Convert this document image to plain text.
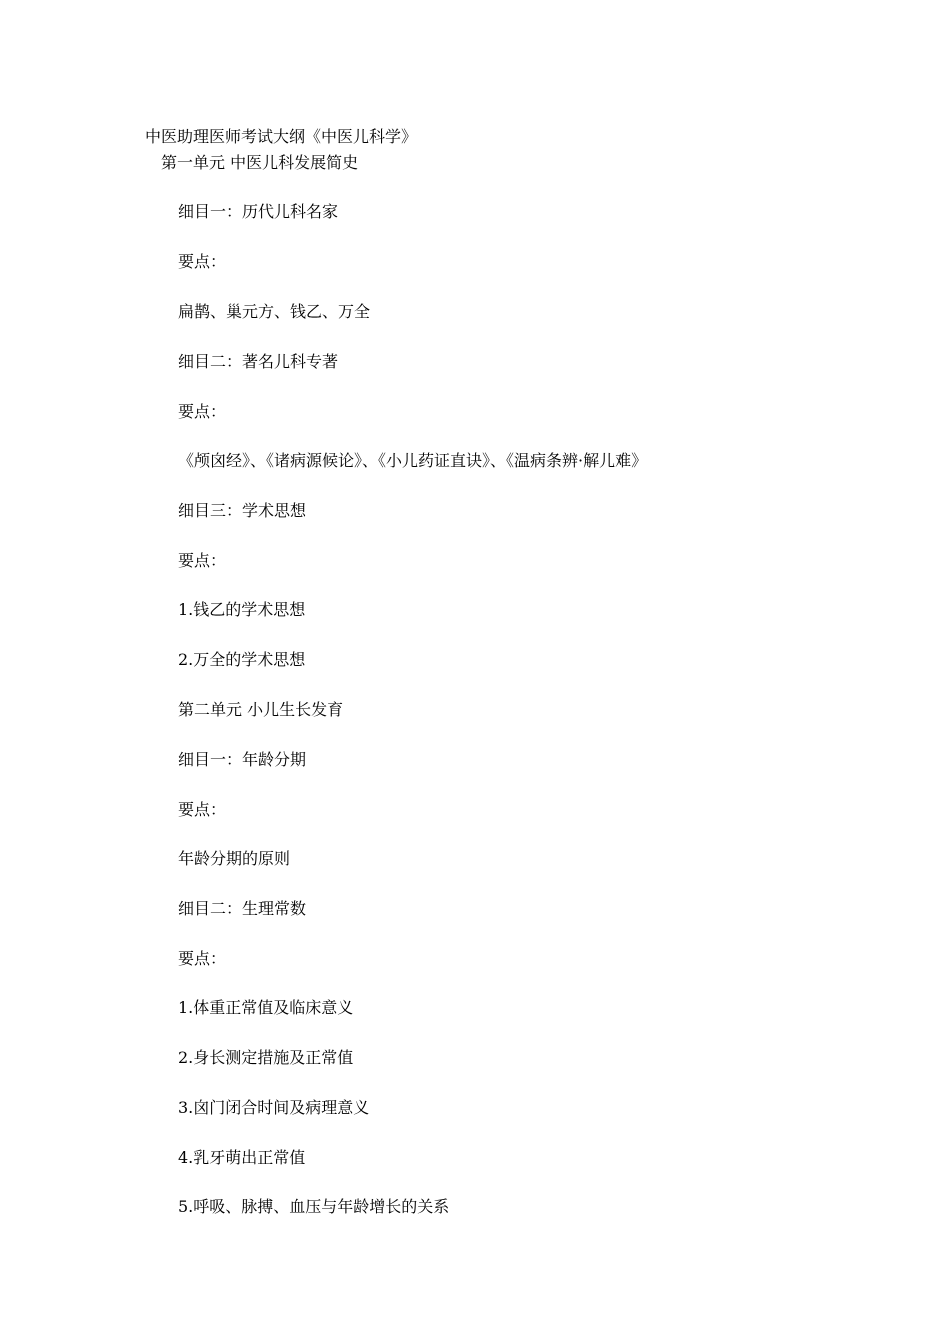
中医助理医师考试大纲《中医儿科学》
第一单元 中医儿科发展简史
细目一：历代儿科名家
要点：
扁鹊、巢元方、钱乙、万全
细目二：著名儿科专著
要点：
《颅囟经》、《诸病源候论》、《小儿药证直诀》、《温病条辨·解儿难》
细目三：学术思想
要点：
1.钱乙的学术思想
2.万全的学术思想
第二单元 小儿生长发育
细目一：年龄分期
要点：
年龄分期的原则
细目二：生理常数
要点：
1.体重正常值及临床意义
2.身长测定措施及正常值
3.囟门闭合时间及病理意义
4.乳牙萌出正常值
5.呼吸、脉搏、血压与年龄增长的关系
